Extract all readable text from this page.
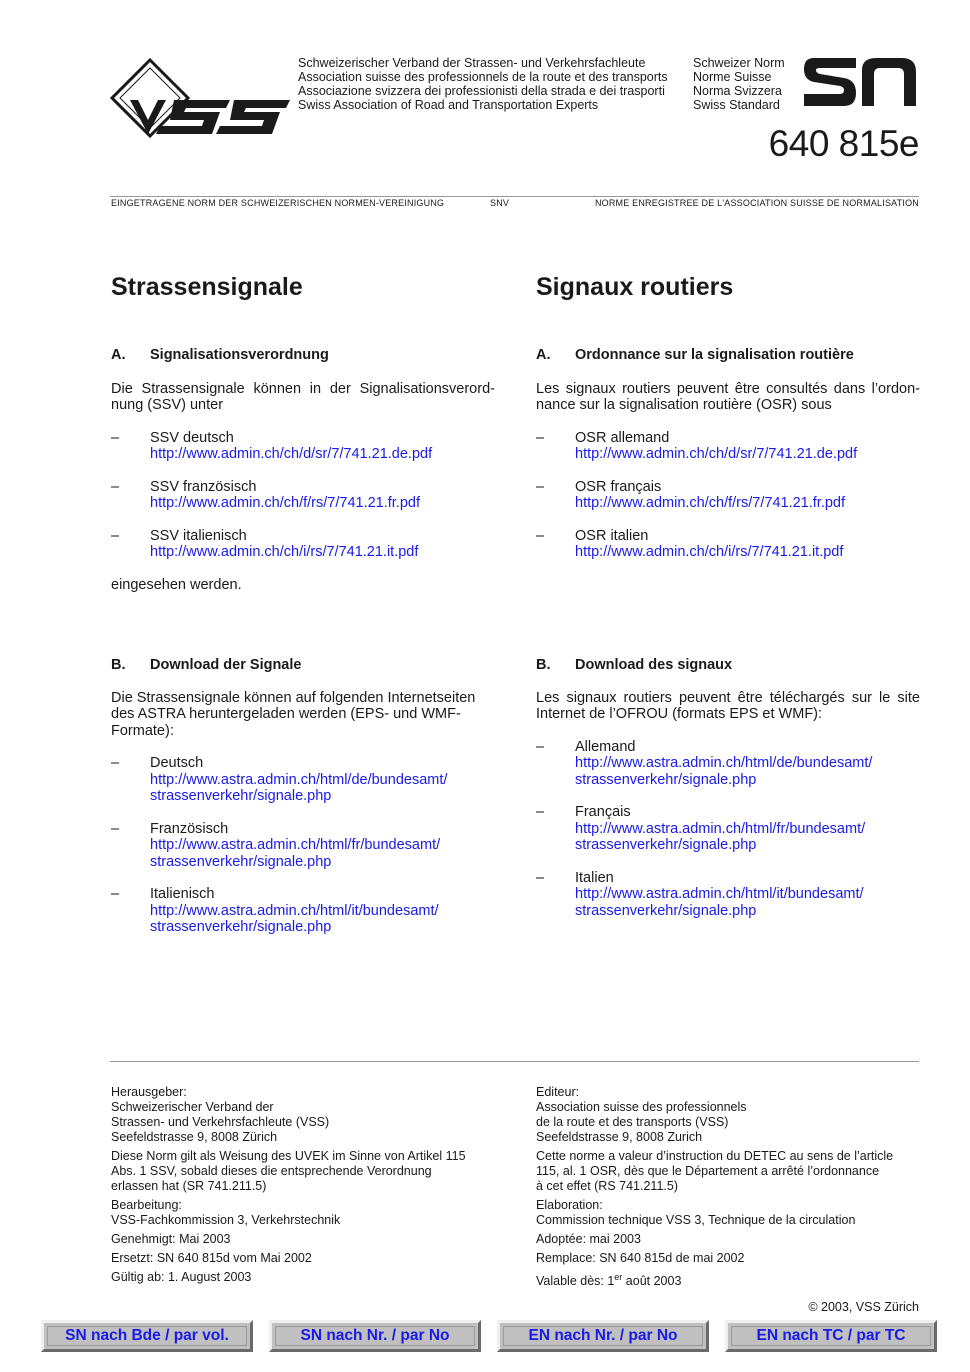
Schweizerischer Verband der Strassen- und Verkehrsfachleute
Association suisse des professionnels de la route et des transports
Associazione svizzera dei professionisti della strada e dei trasporti
Swiss Association of Road and Transportation Experts
Schweizer Norm
Norme Suisse
Norma Svizzera
Swiss Standard
640 815e
EINGETRAGENE NORM DER SCHWEIZERISCHEN NORMEN-VEREINIGUNG	SNV	NORME ENREGISTREE DE L'ASSOCIATION SUISSE DE NORMALISATION
Strassensignale
A.	Signalisationsverordnung

Die Strassensignale können in der Signalisationsverordnung (SSV) unter

–	SSV deutsch
http://www.admin.ch/ch/d/sr/7/741.21.de.pdf
–	SSV französisch
http://www.admin.ch/ch/f/rs/7/741.21.fr.pdf
–	SSV italienisch
http://www.admin.ch/ch/i/rs/7/741.21.it.pdf

eingesehen werden.

B.	Download der Signale

Die Strassensignale können auf folgenden Internetseiten des ASTRA heruntergeladen werden (EPS- und WMF-Formate):

–	Deutsch
http://www.astra.admin.ch/html/de/bundesamt/
strassenverkehr/signale.php
–	Französisch
http://www.astra.admin.ch/html/fr/bundesamt/
strassenverkehr/signale.php
–	Italienisch
http://www.astra.admin.ch/html/it/bundesamt/
strassenverkehr/signale.php
Signaux routiers
A.	Ordonnance sur la signalisation routière

Les signaux routiers peuvent être consultés dans l’ordonnance sur la signalisation routière (OSR) sous

–	OSR allemand
http://www.admin.ch/ch/d/sr/7/741.21.de.pdf
–	OSR français
http://www.admin.ch/ch/f/rs/7/741.21.fr.pdf
–	OSR italien
http://www.admin.ch/ch/i/rs/7/741.21.it.pdf
B.	Download des signaux

Les signaux routiers peuvent être téléchargés sur le site Internet de l’OFROU (formats EPS et WMF):

–	Allemand
http://www.astra.admin.ch/html/de/bundesamt/
strassenverkehr/signale.php
–	Français
http://www.astra.admin.ch/html/fr/bundesamt/
strassenverkehr/signale.php
–	Italien
http://www.astra.admin.ch/html/it/bundesamt/
strassenverkehr/signale.php
Herausgeber:
Schweizerischer Verband der
Strassen- und Verkehrsfachleute (VSS)
Seefeldstrasse 9, 8008 Zürich
Diese Norm gilt als Weisung des UVEK im Sinne von Artikel 115
Abs. 1 SSV, sobald dieses die entsprechende Verordnung
erlassen hat (SR 741.211.5)
Bearbeitung:
VSS-Fachkommission 3, Verkehrstechnik
Genehmigt: Mai 2003
Ersetzt: SN 640 815d vom Mai 2002
Gültig ab: 1. August 2003
Editeur:
Association suisse des professionnels
de la route et des transports (VSS)
Seefeldstrasse 9, 8008 Zurich
Cette norme a valeur d’instruction du DETEC au sens de l’article
115, al. 1 OSR, dès que le Département a arrêté l’ordonnance
à cet effet (RS 741.211.5)
Elaboration:
Commission technique VSS 3, Technique de la circulation
Adoptée: mai 2003
Remplace: SN 640 815d de mai 2002
Valable dès: 1er août 2003
© 2003, VSS Zürich
SN nach Bde / par vol.	SN nach Nr. / par No	EN nach Nr. / par No	EN nach TC / par TC
